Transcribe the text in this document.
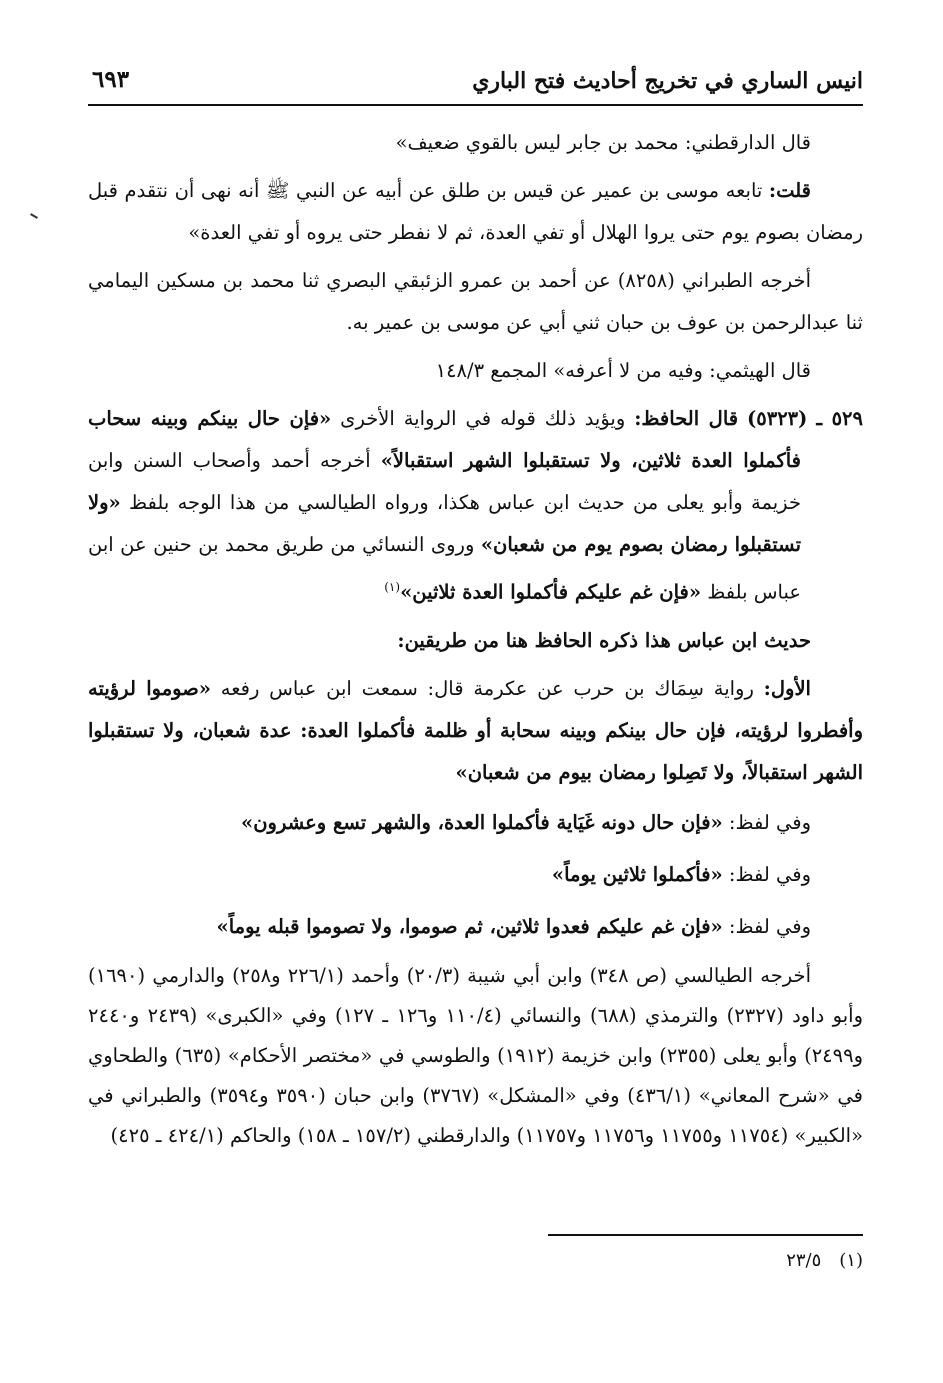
انيس الساري في تخريج أحاديث فتح الباري
٦٩٣

قال الدارقطني: محمد بن جابر ليس بالقوي ضعيف»

قلت: تابعه موسى بن عمير عن قيس بن طلق عن أبيه عن النبي ﷺ أنه نهى أن نتقدم قبل رمضان بصوم يوم حتى يروا الهلال أو تفي العدة، ثم لا نفطر حتى يروه أو تفي العدة»

أخرجه الطبراني (٨٢٥٨) عن أحمد بن عمرو الزئبقي البصري ثنا محمد بن مسكين اليمامي ثنا عبدالرحمن بن عوف بن حبان ثني أبي عن موسى بن عمير به.

قال الهيثمي: وفيه من لا أعرفه» المجمع ١٤٨/٣

٥٢٩ ـ (٥٣٢٣) قال الحافظ: ويؤيد ذلك قوله في الرواية الأخرى «فإن حال بينكم وبينه سحاب فأكملوا العدة ثلاثين، ولا تستقبلوا الشهر استقبالاً» أخرجه أحمد وأصحاب السنن وابن خزيمة وأبو يعلى من حديث ابن عباس هكذا، ورواه الطيالسي من هذا الوجه بلفظ «ولا تستقبلوا رمضان بصوم يوم من شعبان» وروى النسائي من طريق محمد بن حنين عن ابن عباس بلفظ «فإن غم عليكم فأكملوا العدة ثلاثين»$^{(١)}$

حديث ابن عباس هذا ذكره الحافظ هنا من طريقين:

الأول: رواية سِمَاك بن حرب عن عكرمة قال: سمعت ابن عباس رفعه «صوموا لرؤيته وأفطروا لرؤيته، فإن حال بينكم وبينه سحابة أو ظلمة فأكملوا العدة: عدة شعبان، ولا تستقبلوا الشهر استقبالاً، ولا تَصِلوا رمضان بيوم من شعبان»

وفي لفظ: «فإن حال دونه غَيَاية فأكملوا العدة، والشهر تسع وعشرون»

وفي لفظ: «فأكملوا ثلاثين يوماً»

وفي لفظ: «فإن غم عليكم فعدوا ثلاثين، ثم صوموا، ولا تصوموا قبله يوماً»

أخرجه الطيالسي (ص ٣٤٨) وابن أبي شيبة (٢٠/٣) وأحمد (٢٢٦/١ و٢٥٨) والدارمي (١٦٩٠) وأبو داود (٢٣٢٧) والترمذي (٦٨٨) والنسائي (١١٠/٤ و١٢٦ ـ ١٢٧) وفي «الكبرى» (٢٤٣٩ و٢٤٤٠ و٢٤٩٩) وأبو يعلى (٢٣٥٥) وابن خزيمة (١٩١٢) والطوسي في «مختصر الأحكام» (٦٣٥) والطحاوي في «شرح المعاني» (٤٣٦/١) وفي «المشكل» (٣٧٦٧) وابن حبان (٣٥٩٠ و٣٥٩٤) والطبراني في «الكبير» (١١٧٥٤ و١١٧٥٥ و١١٧٥٦ و١١٧٥٧) والدارقطني (١٥٧/٢ ـ ١٥٨) والحاكم (٤٢٤/١ ـ ٤٢٥)

(١)٢٣/٥
